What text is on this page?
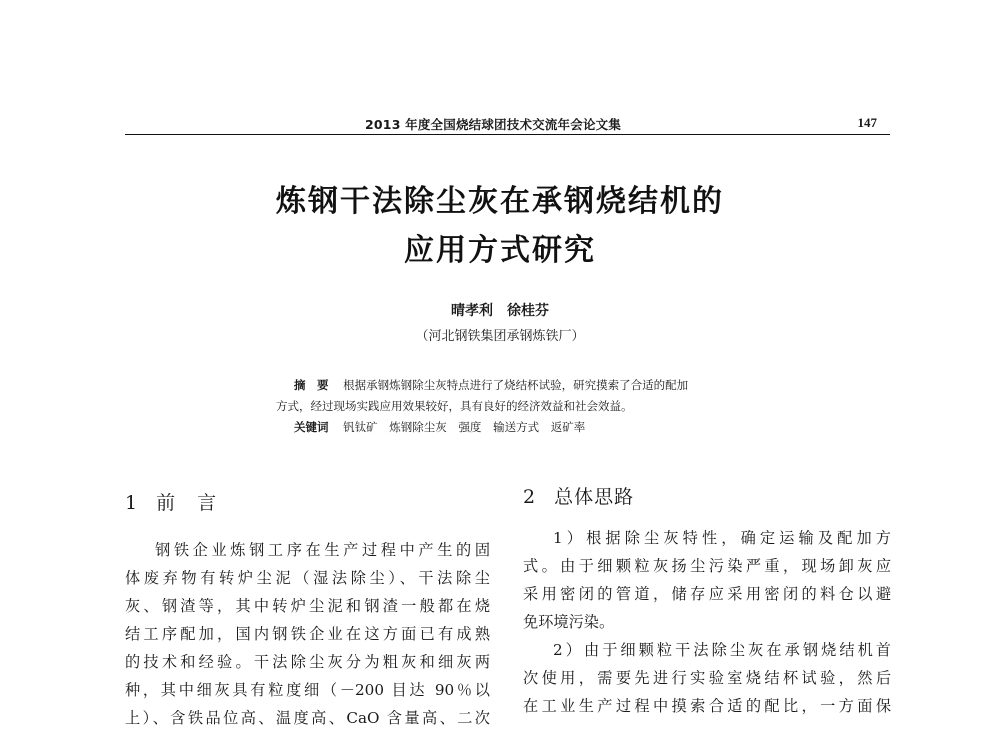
2013 年度全国烧结球团技术交流年会论文集	147
炼钢干法除尘灰在承钢烧结机的
应用方式研究
晴孝利　徐桂芬
（河北钢铁集团承钢炼铁厂）
摘　要 根据承钢炼钢除尘灰特点进行了烧结杯试验，研究摸索了合适的配加
方式，经过现场实践应用效果较好，具有良好的经济效益和社会效益。
关键词 钒钛矿 炼钢除尘灰 强度 输送方式 返矿率
1 前言
钢铁企业炼钢工序在生产过程中产生的固
体废弃物有转炉尘泥（湿法除尘）、干法除尘
灰、钢渣等，其中转炉尘泥和钢渣一般都在烧
结工序配加，国内钢铁企业在这方面已有成熟
的技术和经验。干法除尘灰分为粗灰和细灰两
种，其中细灰具有粒度细（－200 目达 90％以
上）、含铁品位高、温度高、CaO 含量高、二次
2 总体思路
1）根据除尘灰特性，确定运输及配加方
式。由于细颗粒灰扬尘污染严重，现场卸灰应
采用密闭的管道，储存应采用密闭的料仓以避
免环境污染。
2）由于细颗粒干法除尘灰在承钢烧结机首
次使用，需要先进行实验室烧结杯试验，然后
在工业生产过程中摸索合适的配比，一方面保
